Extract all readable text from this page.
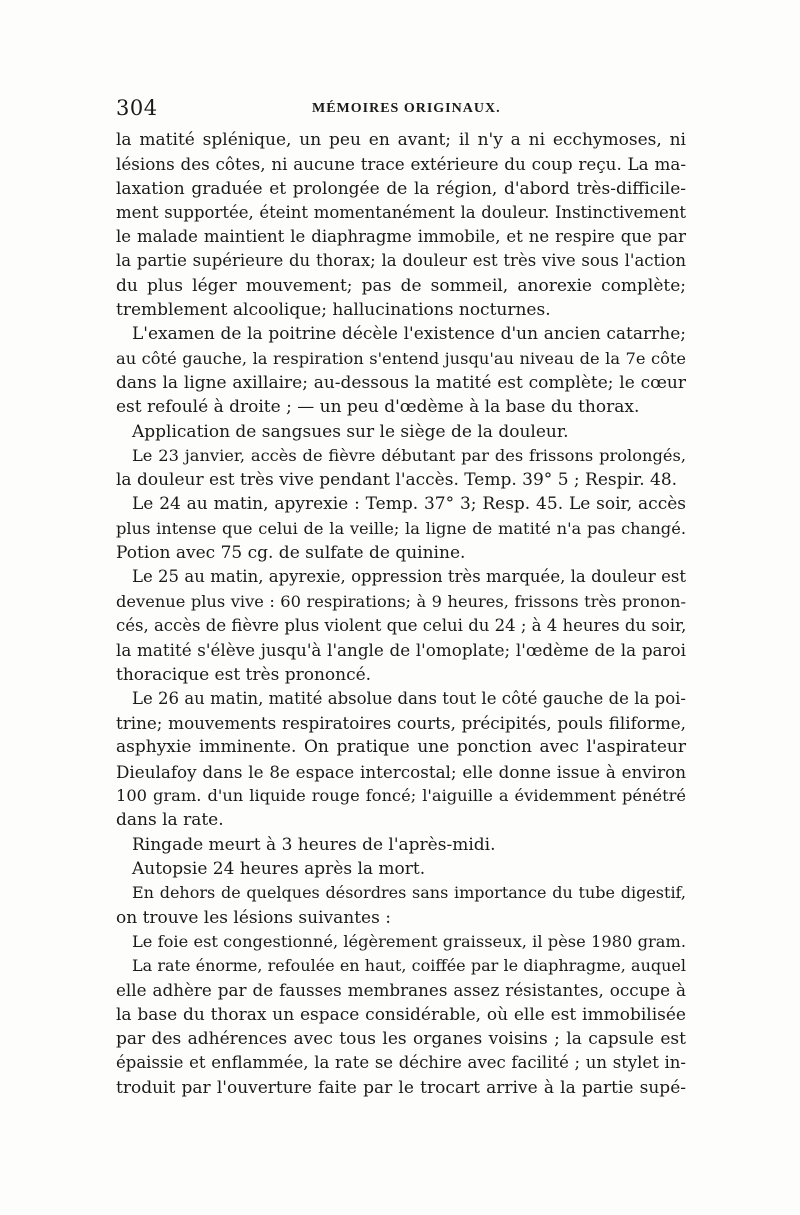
304	MÉMOIRES ORIGINAUX.
la matité splénique, un peu en avant; il n'y a ni ecchymoses, ni
lésions des côtes, ni aucune trace extérieure du coup reçu. La ma-
laxation graduée et prolongée de la région, d'abord très-difficile-
ment supportée, éteint momentanément la douleur. Instinctivement
le malade maintient le diaphragme immobile, et ne respire que par
la partie supérieure du thorax; la douleur est très vive sous l'action
du plus léger mouvement; pas de sommeil, anorexie complète;
tremblement alcoolique; hallucinations nocturnes.
L'examen de la poitrine décèle l'existence d'un ancien catarrhe;
au côté gauche, la respiration s'entend jusqu'au niveau de la 7e côte
dans la ligne axillaire; au-dessous la matité est complète; le cœur
est refoulé à droite ; — un peu d'œdème à la base du thorax.
Application de sangsues sur le siège de la douleur.
Le 23 janvier, accès de fièvre débutant par des frissons prolongés,
la douleur est très vive pendant l'accès. Temp. 39° 5 ; Respir. 48.
Le 24 au matin, apyrexie : Temp. 37° 3; Resp. 45. Le soir, accès
plus intense que celui de la veille; la ligne de matité n'a pas changé.
Potion avec 75 cg. de sulfate de quinine.
Le 25 au matin, apyrexie, oppression très marquée, la douleur est
devenue plus vive : 60 respirations; à 9 heures, frissons très pronon-
cés, accès de fièvre plus violent que celui du 24 ; à 4 heures du soir,
la matité s'élève jusqu'à l'angle de l'omoplate; l'œdème de la paroi
thoracique est très prononcé.
Le 26 au matin, matité absolue dans tout le côté gauche de la poi-
trine; mouvements respiratoires courts, précipités, pouls filiforme,
asphyxie imminente. On pratique une ponction avec l'aspirateur
Dieulafoy dans le 8e espace intercostal; elle donne issue à environ
100 gram. d'un liquide rouge foncé; l'aiguille a évidemment pénétré
dans la rate.
Ringade meurt à 3 heures de l'après-midi.
Autopsie 24 heures après la mort.
En dehors de quelques désordres sans importance du tube digestif,
on trouve les lésions suivantes :
Le foie est congestionné, légèrement graisseux, il pèse 1980 gram.
La rate énorme, refoulée en haut, coiffée par le diaphragme, auquel
elle adhère par de fausses membranes assez résistantes, occupe à
la base du thorax un espace considérable, où elle est immobilisée
par des adhérences avec tous les organes voisins ; la capsule est
épaissie et enflammée, la rate se déchire avec facilité ; un stylet in-
troduit par l'ouverture faite par le trocart arrive à la partie supé-
